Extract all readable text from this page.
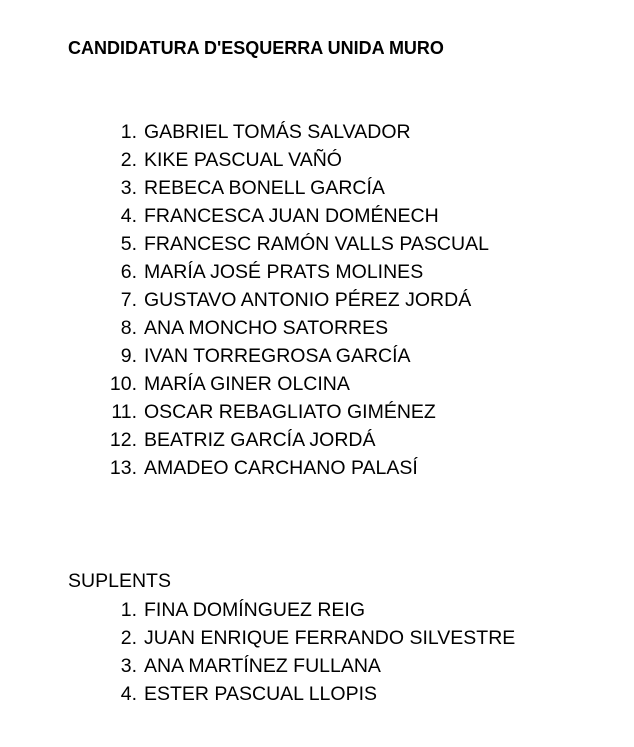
CANDIDATURA D'ESQUERRA UNIDA MURO
1. GABRIEL TOMÁS SALVADOR
2. KIKE PASCUAL VAÑÓ
3. REBECA BONELL GARCÍA
4. FRANCESCA JUAN DOMÉNECH
5. FRANCESC RAMÓN VALLS PASCUAL
6. MARÍA JOSÉ PRATS MOLINES
7. GUSTAVO ANTONIO PÉREZ JORDÁ
8. ANA MONCHO SATORRES
9. IVAN TORREGROSA GARCÍA
10. MARÍA GINER OLCINA
11. OSCAR REBAGLIATO GIMÉNEZ
12. BEATRIZ GARCÍA JORDÁ
13. AMADEO CARCHANO PALASÍ
SUPLENTS
1. FINA DOMÍNGUEZ REIG
2. JUAN ENRIQUE FERRANDO SILVESTRE
3. ANA MARTÍNEZ FULLANA
4. ESTER PASCUAL LLOPIS
